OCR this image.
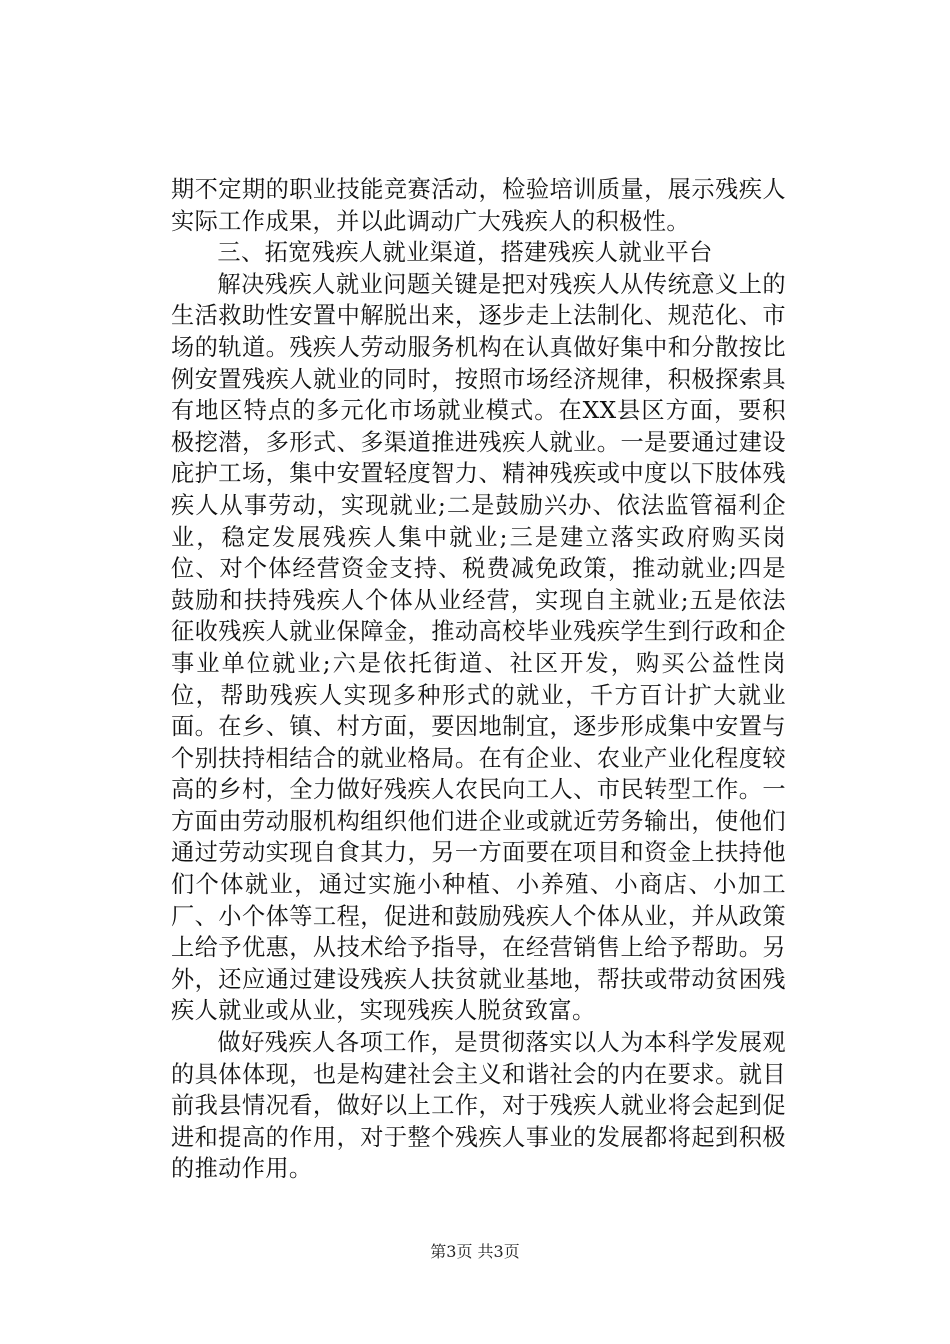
期不定期的职业技能竞赛活动，检验培训质量，展示残疾人实际工作成果，并以此调动广大残疾人的积极性。

三、拓宽残疾人就业渠道，搭建残疾人就业平台

解决残疾人就业问题关键是把对残疾人从传统意义上的生活救助性安置中解脱出来，逐步走上法制化、规范化、市场的轨道。残疾人劳动服务机构在认真做好集中和分散按比例安置残疾人就业的同时，按照市场经济规律，积极探索具有地区特点的多元化市场就业模式。在XX县区方面，要积极挖潜，多形式、多渠道推进残疾人就业。一是要通过建设庇护工场，集中安置轻度智力、精神残疾或中度以下肢体残疾人从事劳动，实现就业;二是鼓励兴办、依法监管福利企业，稳定发展残疾人集中就业;三是建立落实政府购买岗位、对个体经营资金支持、税费减免政策，推动就业;四是鼓励和扶持残疾人个体从业经营，实现自主就业;五是依法征收残疾人就业保障金，推动高校毕业残疾学生到行政和企事业单位就业;六是依托街道、社区开发，购买公益性岗位，帮助残疾人实现多种形式的就业，千方百计扩大就业面。在乡、镇、村方面，要因地制宜，逐步形成集中安置与个别扶持相结合的就业格局。在有企业、农业产业化程度较高的乡村，全力做好残疾人农民向工人、市民转型工作。一方面由劳动服机构组织他们进企业或就近劳务输出，使他们通过劳动实现自食其力，另一方面要在项目和资金上扶持他们个体就业，通过实施小种植、小养殖、小商店、小加工厂、小个体等工程，促进和鼓励残疾人个体从业，并从政策上给予优惠，从技术给予指导，在经营销售上给予帮助。另外，还应通过建设残疾人扶贫就业基地，帮扶或带动贫困残疾人就业或从业，实现残疾人脱贫致富。

做好残疾人各项工作，是贯彻落实以人为本科学发展观的具体体现，也是构建社会主义和谐社会的内在要求。就目前我县情况看，做好以上工作，对于残疾人就业将会起到促进和提高的作用，对于整个残疾人事业的发展都将起到积极的推动作用。

第3页 共3页
